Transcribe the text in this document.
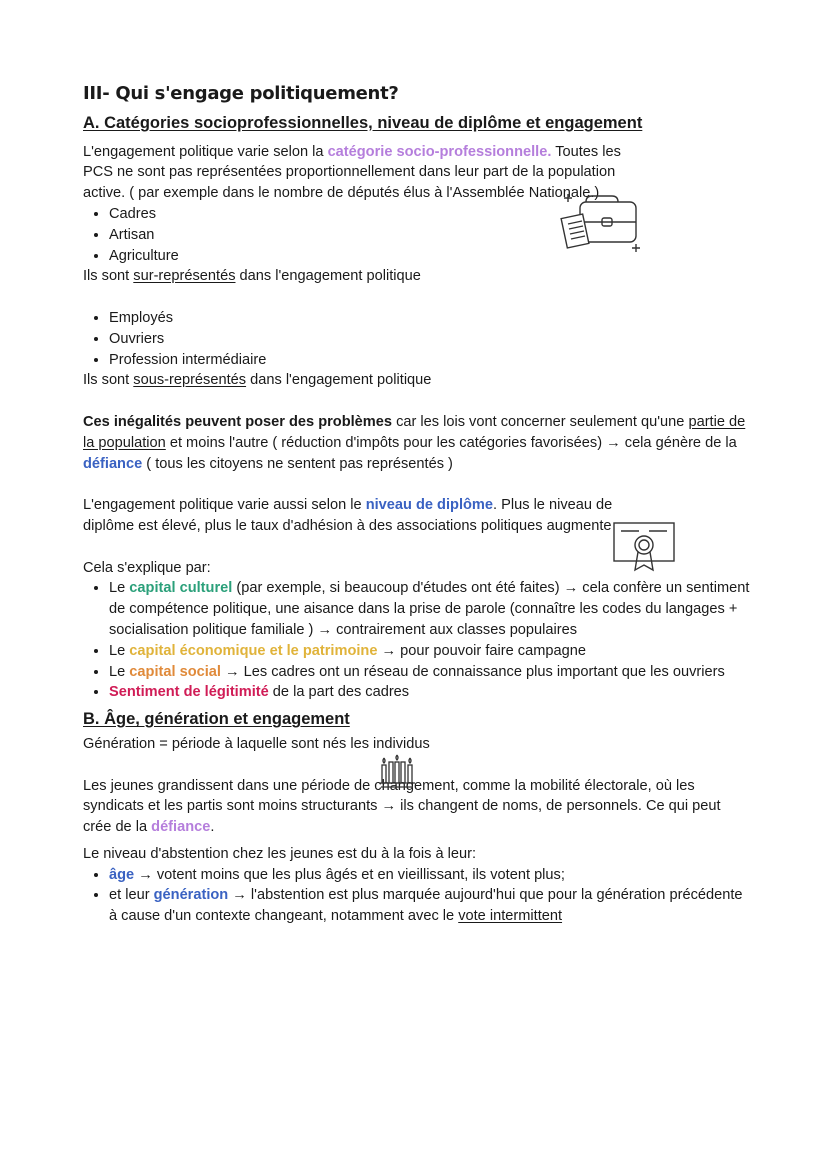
III- Qui s'engage politiquement?
A. Catégories socioprofessionnelles, niveau de diplôme et engagement

L'engagement politique varie selon la catégorie socio-professionnelle. Toutes les PCS ne sont pas représentées proportionnellement dans leur part de la population active. ( par exemple dans le nombre de députés élus à l'Assemblée Nationale.)

• Cadres
• Artisan
• Agriculture

Ils sont sur-représentés dans l'engagement politique

• Employés
• Ouvriers
• Profession intermédiaire

Ils sont sous-représentés dans l'engagement politique

Ces inégalités peuvent poser des problèmes car les lois vont concerner seulement qu'une partie de la population et moins l'autre ( réduction d'impôts pour les catégories favorisées) → cela génère de la défiance ( tous les citoyens ne sentent pas représentés )

L'engagement politique varie aussi selon le niveau de diplôme. Plus le niveau de diplôme est élevé, plus le taux d'adhésion à des associations politiques augmente

Cela s'explique par:

• Le capital culturel (par exemple, si beaucoup d'études ont été faites) → cela confère un sentiment de compétence politique, une aisance dans la prise de parole (connaître les codes du langages + socialisation politique familiale ) → contrairement aux classes populaires
• Le capital économique et le patrimoine → pour pouvoir faire campagne
• Le capital social → Les cadres ont un réseau de connaissance plus important que les ouvriers
• Sentiment de légitimité de la part des cadres
B. Âge, génération et engagement

Génération = période à laquelle sont nés les individus

Les jeunes grandissent dans une période de changement, comme la mobilité électorale, où les syndicats et les partis sont moins structurants → ils changent de noms, de personnels. Ce qui peut crée de la défiance.

Le niveau d'abstention chez les jeunes est du à la fois à leur:

• âge → votent moins que les plus âgés et en vieillissant, ils votent plus;
• et leur génération → l'abstention est plus marquée aujourd'hui que pour la génération précédente à cause d'un contexte changeant, notamment avec le vote intermittent
